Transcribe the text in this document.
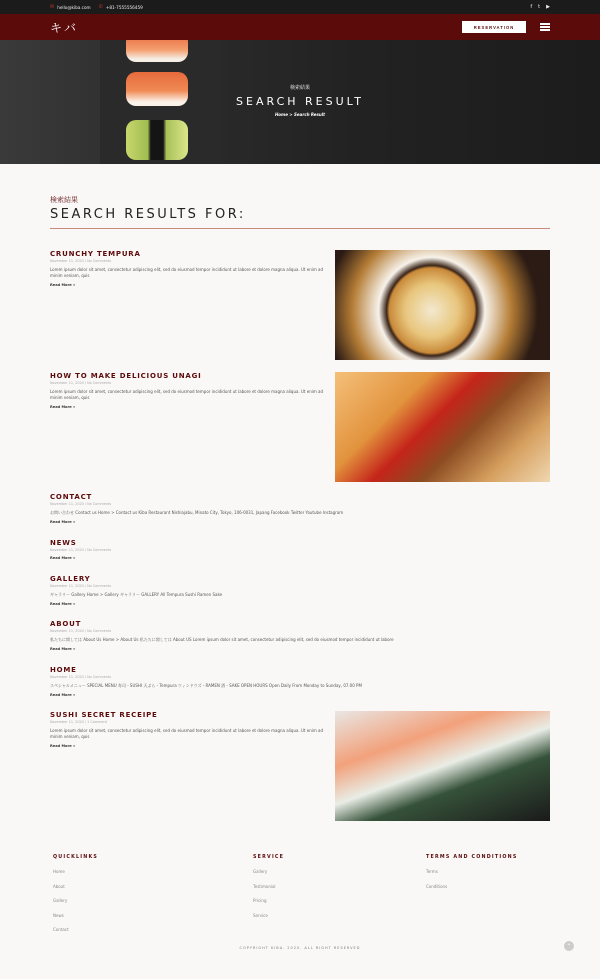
✉ hello@kiba.com ✆ +81-7555556459	f t ▶
キバ	RESERVATION
検索結果
SEARCH RESULT
Home > Search Result
検索結果
SEARCH RESULTS FOR:
CRUNCHY TEMPURA
November 11, 2020 / No Comments
Lorem ipsum dolor sit amet, consectetur adipiscing elit, sed do eiusmod tempor incididunt ut labore et dolore magna aliqua. Ut enim ad minim veniam, quis
Read More »
HOW TO MAKE DELICIOUS UNAGI
November 11, 2020 / No Comments
Lorem ipsum dolor sit amet, consectetur adipiscing elit, sed do eiusmod tempor incididunt ut labore et dolore magna aliqua. Ut enim ad minim veniam, quis
Read More »
CONTACT
November 11, 2020 / No Comments
お問い合わせ Contact us Home > Contact us Kiba Restaurant Nishiajabu, Minato City, Tokyo, 106-0031, Japang Facebook Twitter Youtube Instagram
Read More »
NEWS
November 11, 2020 / No Comments
Read More »
GALLERY
November 11, 2020 / No Comments
ギャラリー Gallery Home > Gallery ギャラリー GALLERY All Tempura Sushi Ramen Sake
Read More »
ABOUT
November 11, 2020 / No Comments
私たちに関しては About Us Home > About Us 私たちに関しては About US Lorem ipsum dolor sit amet, consectetur adipiscing elit, sed do eiusmod tempor incididunt ut labore
Read More »
HOME
November 11, 2020 / No Comments
スペシャルメニュー SPECIAL MENU 寿司 - SUSHI 天ぷら - Tempura ウィンドウズ - RAMEN 酒 - SAKE OPEN HOURS Open Daily From Monday to Sunday, 07.00 PM
Read More »
SUSHI SECRET RECEIPE
November 11, 2020 / 1 Comment
Lorem ipsum dolor sit amet, consectetur adipiscing elit, sed do eiusmod tempor incididunt ut labore et dolore magna aliqua. Ut enim ad minim veniam, quis
Read More »
QUICKLINKS
Home
About
Gallery
News
Contact
SERVICE
Gallery
Testimonial
Pricing
Service
TERMS AND CONDITIONS
Terms
Conditions
COPYRIGHT KIBA. 2020. ALL RIGHT RESERVED	⌃
